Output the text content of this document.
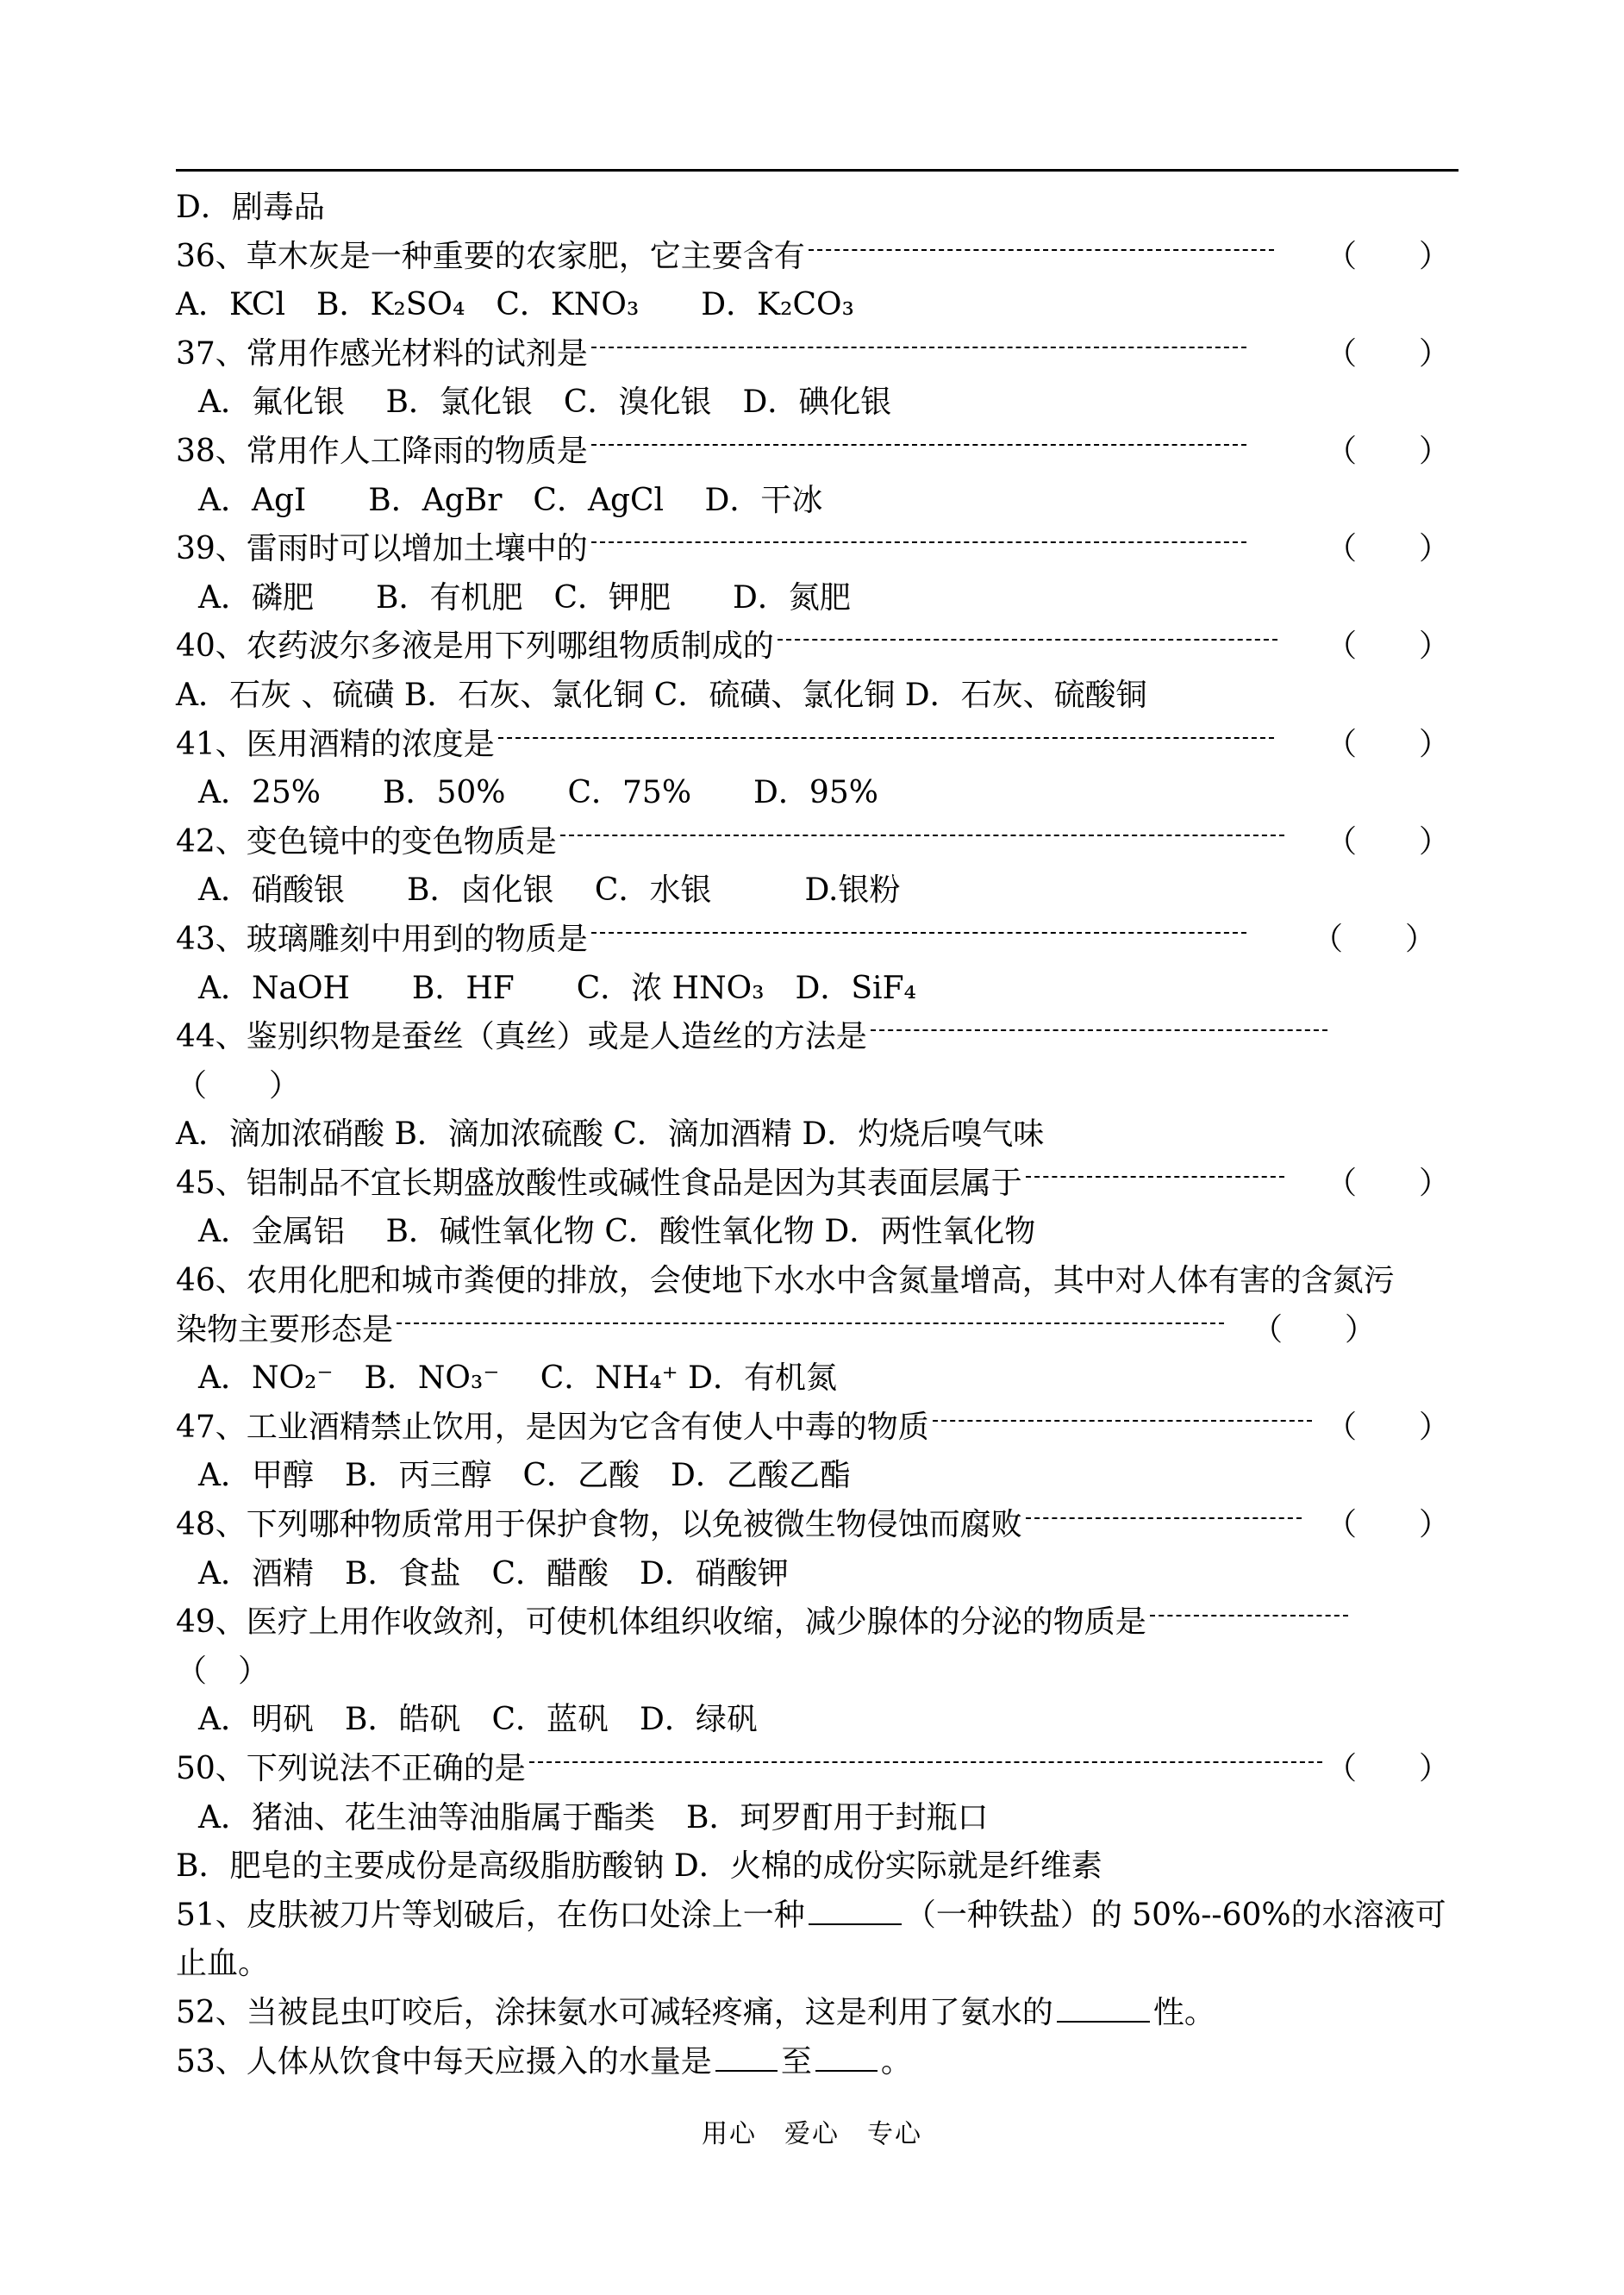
D．剧毒品
36、草木灰是一种重要的农家肥，它主要含有	（　　）
A．KCl　B．K₂SO₄　C．KNO₃　　D．K₂CO₃
37、常用作感光材料的试剂是	（　　）
A．氟化银　 B．氯化银　C．溴化银　D．碘化银
38、常用作人工降雨的物质是	（　　）
A．AgI　　B．AgBr　C．AgCl　 D．干冰
39、雷雨时可以增加土壤中的	（　　）
A．磷肥　　B．有机肥　C．钾肥　　D．氮肥
40、农药波尔多液是用下列哪组物质制成的	（　　）
A．石灰 、硫磺 B．石灰、氯化铜 C．硫磺、氯化铜 D．石灰、硫酸铜
41、医用酒精的浓度是	（　　）
A．25%　　B．50%　　C．75%　　D．95%
42、变色镜中的变色物质是	（　　）
A．硝酸银　　B．卤化银　 C．水银　　　D.银粉
43、玻璃雕刻中用到的物质是	（　　）
A．NaOH　　B．HF　　C．浓 HNO₃　D．SiF₄
44、鉴别织物是蚕丝（真丝）或是人造丝的方法是
（　　）
A．滴加浓硝酸 B．滴加浓硫酸 C．滴加酒精 D．灼烧后嗅气味
45、铝制品不宜长期盛放酸性或碱性食品是因为其表面层属于	（　　）
A．金属铝　 B．碱性氧化物 C．酸性氧化物 D．两性氧化物
46、农用化肥和城市粪便的排放，会使地下水水中含氮量增高，其中对人体有害的含氮污
染物主要形态是	（　　）
A．NO₂⁻　B．NO₃⁻　 C．NH₄⁺ D．有机氮
47、工业酒精禁止饮用，是因为它含有使人中毒的物质	（　　）
A．甲醇　B．丙三醇　C．乙酸　D．乙酸乙酯
48、下列哪种物质常用于保护食物，以免被微生物侵蚀而腐败	（　　）
A．酒精　B．食盐　C．醋酸　D．硝酸钾
49、医疗上用作收敛剂，可使机体组织收缩，减少腺体的分泌的物质是
（　）
A．明矾　B．皓矾　C．蓝矾　D．绿矾
50、下列说法不正确的是	（　　）
A．猪油、花生油等油脂属于酯类　B．珂罗酊用于封瓶口
B．肥皂的主要成份是高级脂肪酸钠 D．火棉的成份实际就是纤维素
51、皮肤被刀片等划破后，在伤口处涂上一种	（一种铁盐）的 50%--60%的水溶液可
止血。
52、当被昆虫叮咬后，涂抹氨水可减轻疼痛，这是利用了氨水的	性。
53、人体从饮食中每天应摄入的水量是 至 。
用心　爱心　专心
